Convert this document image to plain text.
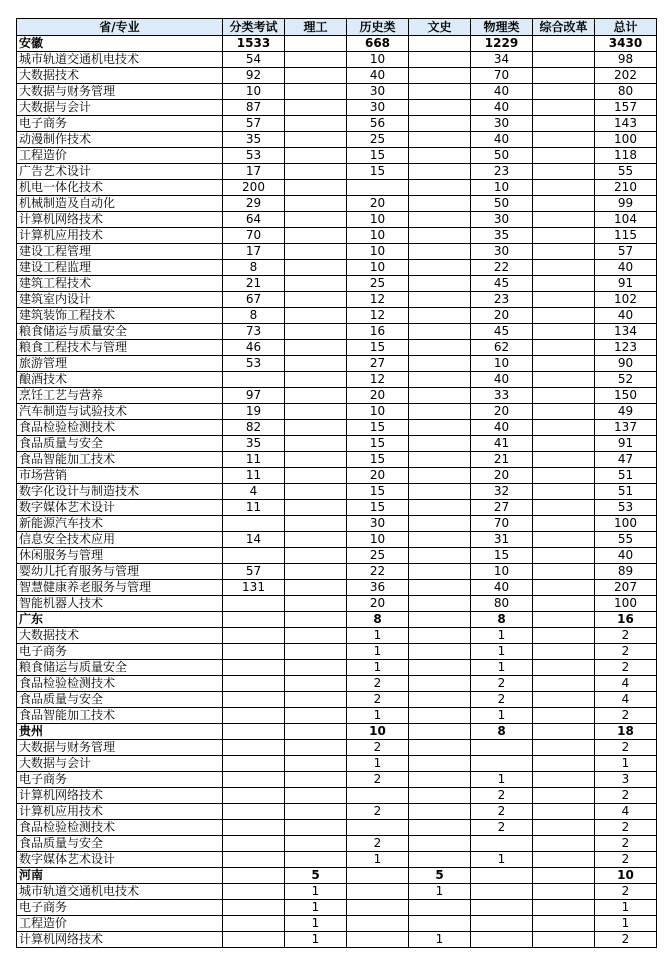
省/专业	分类考试	理工	历史类	文史	物理类	综合改革	总计
安徽	1533		668		1229		3430
城市轨道交通机电技术	54		10		34		98
大数据技术	92		40		70		202
大数据与财务管理	10		30		40		80
大数据与会计	87		30		40		157
电子商务	57		56		30		143
动漫制作技术	35		25		40		100
工程造价	53		15		50		118
广告艺术设计	17		15		23		55
机电一体化技术	200				10		210
机械制造及自动化	29		20		50		99
计算机网络技术	64		10		30		104
计算机应用技术	70		10		35		115
建设工程管理	17		10		30		57
建设工程监理	8		10		22		40
建筑工程技术	21		25		45		91
建筑室内设计	67		12		23		102
建筑装饰工程技术	8		12		20		40
粮食储运与质量安全	73		16		45		134
粮食工程技术与管理	46		15		62		123
旅游管理	53		27		10		90
酿酒技术			12		40		52
烹饪工艺与营养	97		20		33		150
汽车制造与试验技术	19		10		20		49
食品检验检测技术	82		15		40		137
食品质量与安全	35		15		41		91
食品智能加工技术	11		15		21		47
市场营销	11		20		20		51
数字化设计与制造技术	4		15		32		51
数字媒体艺术设计	11		15		27		53
新能源汽车技术			30		70		100
信息安全技术应用	14		10		31		55
休闲服务与管理			25		15		40
婴幼儿托育服务与管理	57		22		10		89
智慧健康养老服务与管理	131		36		40		207
智能机器人技术			20		80		100
广东			8		8		16
大数据技术			1		1		2
电子商务			1		1		2
粮食储运与质量安全			1		1		2
食品检验检测技术			2		2		4
食品质量与安全			2		2		4
食品智能加工技术			1		1		2
贵州			10		8		18
大数据与财务管理			2				2
大数据与会计			1				1
电子商务			2		1		3
计算机网络技术					2		2
计算机应用技术			2		2		4
食品检验检测技术					2		2
食品质量与安全			2				2
数字媒体艺术设计			1		1		2
河南		5		5			10
城市轨道交通机电技术		1		1			2
电子商务		1					1
工程造价		1					1
计算机网络技术		1		1			2
